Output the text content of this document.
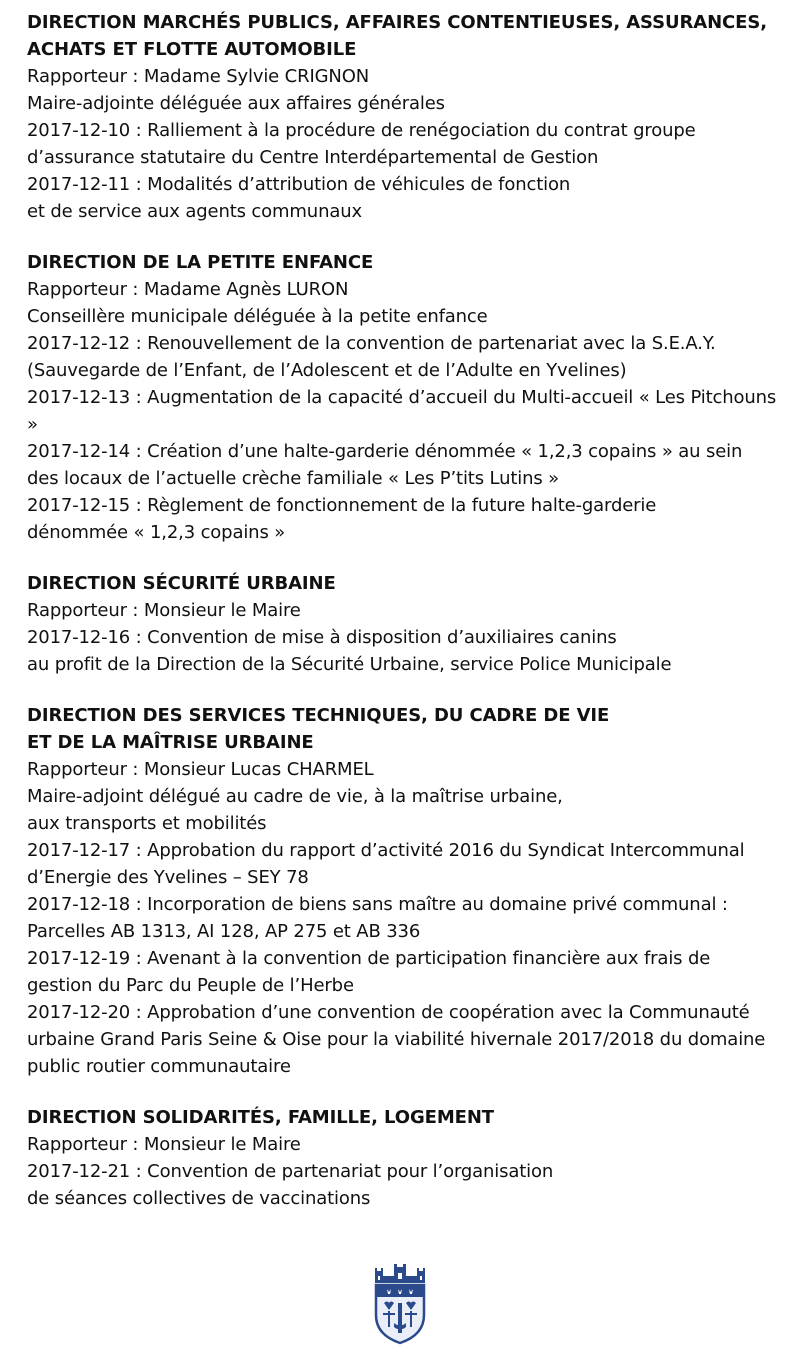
DIRECTION MARCHÉS PUBLICS, AFFAIRES CONTENTIEUSES, ASSURANCES,
ACHATS ET FLOTTE AUTOMOBILE

Rapporteur : Madame Sylvie CRIGNON

Maire-adjointe déléguée aux affaires générales

2017-12-10 : Ralliement à la procédure de renégociation du contrat groupe
d’assurance statutaire du Centre Interdépartemental de Gestion

2017-12-11 : Modalités d’attribution de véhicules de fonction
et de service aux agents communaux

DIRECTION DE LA PETITE ENFANCE

Rapporteur : Madame Agnès LURON

Conseillère municipale déléguée à la petite enfance

2017-12-12 : Renouvellement de la convention de partenariat avec la S.E.A.Y.
(Sauvegarde de l’Enfant, de l’Adolescent et de l’Adulte en Yvelines)

2017-12-13 : Augmentation de la capacité d’accueil du Multi-accueil « Les Pitchouns »

2017-12-14 : Création d’une halte-garderie dénommée « 1,2,3 copains » au sein
des locaux de l’actuelle crèche familiale « Les P’tits Lutins »

2017-12-15 : Règlement de fonctionnement de la future halte-garderie
dénommée « 1,2,3 copains »

DIRECTION SÉCURITÉ URBAINE

Rapporteur : Monsieur le Maire

2017-12-16 : Convention de mise à disposition d’auxiliaires canins
au profit de la Direction de la Sécurité Urbaine, service Police Municipale

DIRECTION DES SERVICES TECHNIQUES, DU CADRE DE VIE
ET DE LA MAÎTRISE URBAINE

Rapporteur : Monsieur Lucas CHARMEL

Maire-adjoint délégué au cadre de vie, à la maîtrise urbaine,
aux transports et mobilités

2017-12-17 : Approbation du rapport d’activité 2016 du Syndicat Intercommunal
d’Energie des Yvelines – SEY 78

2017-12-18 : Incorporation de biens sans maître au domaine privé communal :
Parcelles AB 1313, AI 128, AP 275 et AB 336

2017-12-19 : Avenant à la convention de participation financière aux frais de
gestion du Parc du Peuple de l’Herbe

2017-12-20 : Approbation d’une convention de coopération avec la Communauté
urbaine Grand Paris Seine & Oise pour la viabilité hivernale 2017/2018 du domaine
public routier communautaire

DIRECTION SOLIDARITÉS, FAMILLE, LOGEMENT

Rapporteur : Monsieur le Maire

2017-12-21 : Convention de partenariat pour l’organisation
de séances collectives de vaccinations
